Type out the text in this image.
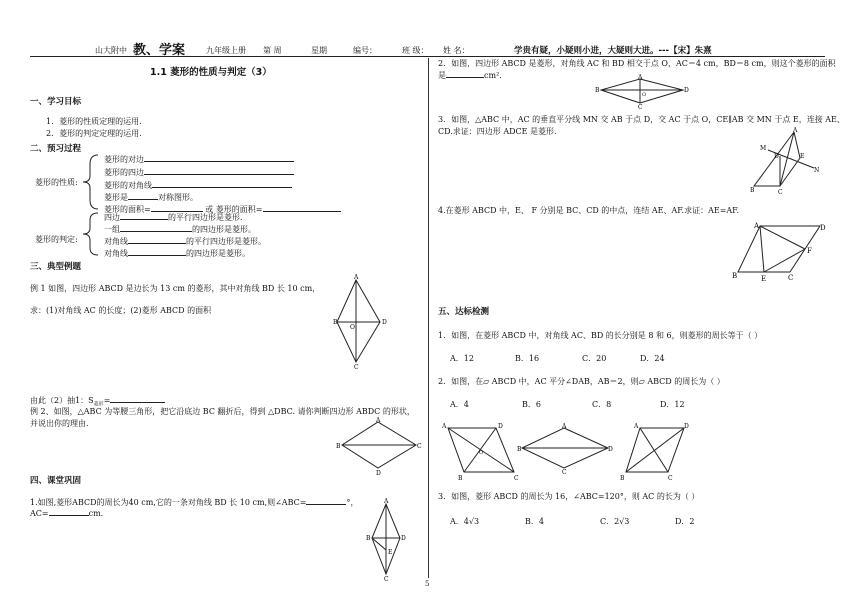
山大附中 教、学案	九年级上册 第 周	星期	编号：	班 级： 姓 名：	学贵有疑，小疑则小进，大疑则大进。---【宋】朱熹
1.1 菱形的性质与判定（3）
一、学习目标
1．菱形的性质定理的运用.
2．菱形的判定定理的运用.
二、预习过程
菱形的性质:
菱形的对边
菱形的四边
菱形的对角线
菱形是	对称图形。
菱形的面积=	或 菱形的面积=
菱形的判定:
四边	的平行四边形是菱形.
一组	的四边形是菱形。
对角线	的平行四边形是菱形。
对角线	的四边形是菱形。
三、典型例题
例 1 如图，四边形 ABCD 是边长为 13 cm 的菱形，其中对角线 BD 长 10 cm，
求：(1)对角线 AC 的长度；(2)菱形 ABCD 的面积
A
B	D
C
O
由此（2）抽1：$S_{菱形}=$
例 2、如图，△ABC 为等腰三角形，把它沿底边 BC 翻折后，得到 △DBC. 请你判断四边形 ABDC 的形状，
并说出你的理由.	A
B	C
D
四、课堂巩固
1.如图,菱形ABCD的周长为40 cm,它的一条对角线 BD 长 10 cm,则∠ABC=	°，
AC=	cm.
A
B	D
C
E
2．如图，四边形 ABCD 是菱形，对角线 AC 和 BD 相交于点 O，AC＝4 cm，BD＝8 cm，则这个菱形的面积
是	cm².	A
B	D
C
O
3．如图，△ABC 中，AC 的垂直平分线 MN 交 AB 于点 D，交 AC 于点 O，CE∥AB 交 MN 于点 E，连接 AE、
CD.求证：四边形 ADCE 是菱形.	A
M
N
B	C
E
D
4.在菱形 ABCD 中，E、 F 分别是 BC、CD 的中点，连结 AE、AF.求证：AE=AF.
A	D
B	E	C
F
五、达标检测
1．如图，在菱形 ABCD 中，对角线 AC、BD 的长分别是 8 和 6，则菱形的周长等于（ ）
A．12	B．16	C．20	D．24
2．如图，在▱ ABCD 中，AC 平分∠DAB，AB＝2，则▱ ABCD 的周长为（ ）
A．4	B．6	C．8	D．12
A	D
B	C
O
A
B	D
C
A	D
B	C
3．如图，菱形 ABCD 的周长为 16，∠ABC=120°，则 AC 的长为（ ）
A．4√3	B．4	C．2√3	D．2
5
